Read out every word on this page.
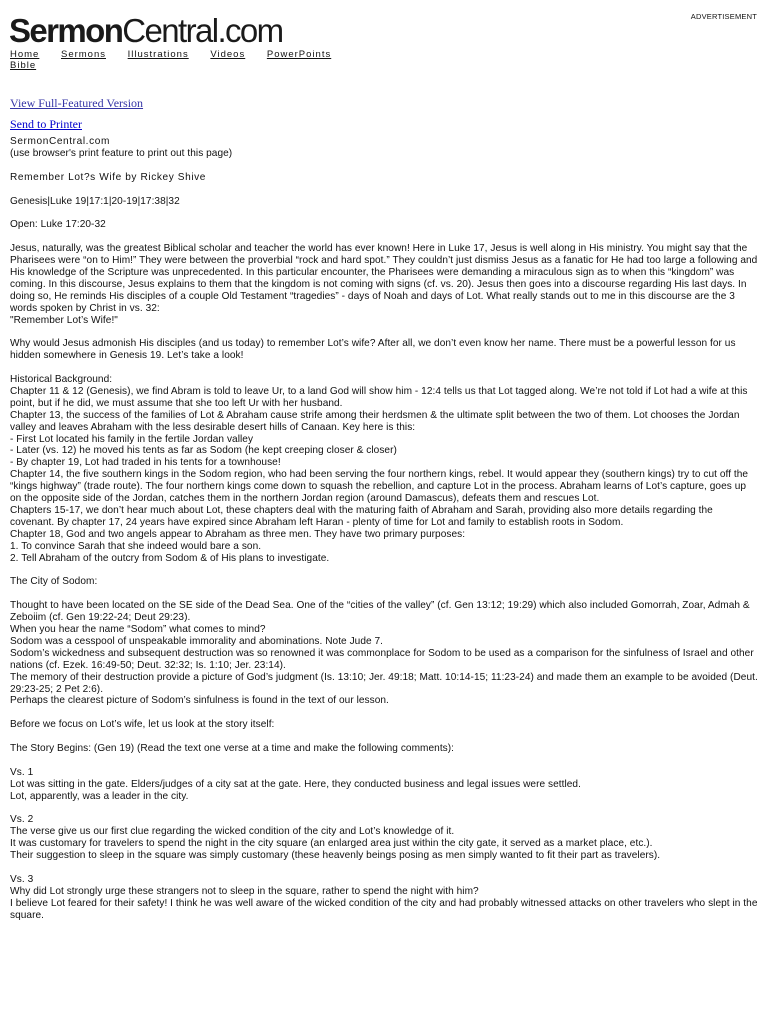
SermonCentral.com	ADVERTISEMENT
Home Sermons Illustrations Videos PowerPoints
Bible
View Full-Featured Version
Send to Printer

SermonCentral.com

(use browser's print feature to print out this page)

Remember Lot?s Wife by Rickey Shive

Genesis|Luke 19|17:1|20-19|17:38|32

Open: Luke 17:20-32

Jesus, naturally, was the greatest Biblical scholar and teacher the world has ever known! Here in Luke 17, Jesus is well along in His ministry. You might say that the Pharisees were “on to Him!” They were between the proverbial “rock and hard spot.” They couldn’t just dismiss Jesus as a fanatic for He had too large a following and His knowledge of the Scripture was unprecedented. In this particular encounter, the Pharisees were demanding a miraculous sign as to when this “kingdom” was coming. In this discourse, Jesus explains to them that the kingdom is not coming with signs (cf. vs. 20). Jesus then goes into a discourse regarding His last days. In doing so, He reminds His disciples of a couple Old Testament “tragedies” - days of Noah and days of Lot. What really stands out to me in this discourse are the 3 words spoken by Christ in vs. 32:
"Remember Lot’s Wife!"

Why would Jesus admonish His disciples (and us today) to remember Lot’s wife? After all, we don’t even know her name. There must be a powerful lesson for us hidden somewhere in Genesis 19. Let’s take a look!

Historical Background:
Chapter 11 & 12 (Genesis), we find Abram is told to leave Ur, to a land God will show him - 12:4 tells us that Lot tagged along. We’re not told if Lot had a wife at this point, but if he did, we must assume that she too left Ur with her husband.
Chapter 13, the success of the families of Lot & Abraham cause strife among their herdsmen & the ultimate split between the two of them. Lot chooses the Jordan valley and leaves Abraham with the less desirable desert hills of Canaan. Key here is this:
- First Lot located his family in the fertile Jordan valley
- Later (vs. 12) he moved his tents as far as Sodom (he kept creeping closer & closer)
- By chapter 19, Lot had traded in his tents for a townhouse!
Chapter 14, the five southern kings in the Sodom region, who had been serving the four northern kings, rebel. It would appear they (southern kings) try to cut off the “kings highway” (trade route). The four northern kings come down to squash the rebellion, and capture Lot in the process. Abraham learns of Lot’s capture, goes up on the opposite side of the Jordan, catches them in the northern Jordan region (around Damascus), defeats them and rescues Lot.
Chapters 15-17, we don’t hear much about Lot, these chapters deal with the maturing faith of Abraham and Sarah, providing also more details regarding the covenant. By chapter 17, 24 years have expired since Abraham left Haran - plenty of time for Lot and family to establish roots in Sodom.
Chapter 18, God and two angels appear to Abraham as three men. They have two primary purposes:
1. To convince Sarah that she indeed would bare a son.
2. Tell Abraham of the outcry from Sodom & of His plans to investigate.

The City of Sodom:

Thought to have been located on the SE side of the Dead Sea. One of the “cities of the valley” (cf. Gen 13:12; 19:29) which also included Gomorrah, Zoar, Admah & Zeboiim (cf. Gen 19:22-24; Deut 29:23).
When you hear the name “Sodom” what comes to mind?
Sodom was a cesspool of unspeakable immorality and abominations. Note Jude 7.
Sodom’s wickedness and subsequent destruction was so renowned it was commonplace for Sodom to be used as a comparison for the sinfulness of Israel and other nations (cf. Ezek. 16:49-50; Deut. 32:32; Is. 1:10; Jer. 23:14).
The memory of their destruction provide a picture of God’s judgment (Is. 13:10; Jer. 49:18; Matt. 10:14-15; 11:23-24) and made them an example to be avoided (Deut. 29:23-25; 2 Pet 2:6).
Perhaps the clearest picture of Sodom’s sinfulness is found in the text of our lesson.

Before we focus on Lot’s wife, let us look at the story itself:

The Story Begins: (Gen 19) (Read the text one verse at a time and make the following comments):

Vs. 1
Lot was sitting in the gate. Elders/judges of a city sat at the gate. Here, they conducted business and legal issues were settled.
Lot, apparently, was a leader in the city.

Vs. 2
The verse give us our first clue regarding the wicked condition of the city and Lot’s knowledge of it.
It was customary for travelers to spend the night in the city square (an enlarged area just within the city gate, it served as a market place, etc.).
Their suggestion to sleep in the square was simply customary (these heavenly beings posing as men simply wanted to fit their part as travelers).

Vs. 3
Why did Lot strongly urge these strangers not to sleep in the square, rather to spend the night with him?
I believe Lot feared for their safety! I think he was well aware of the wicked condition of the city and had probably witnessed attacks on other travelers who slept in the square.
